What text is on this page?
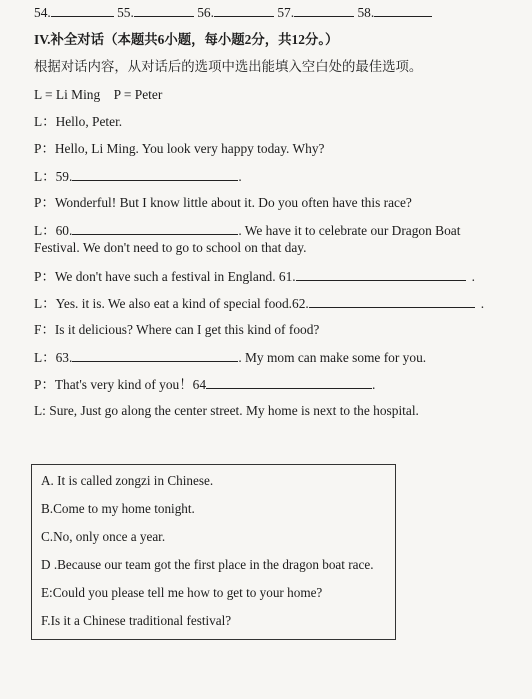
54.	55.	56.	57.	58.
IV.补全对话（本题共6小题，每小题2分，共12分。）
根据对话内容，从对话后的选项中选出能填入空白处的最佳选项。
L = Li Ming    P = Peter
L：Hello, Peter.
P：Hello, Li Ming. You look very happy today. Why?
L：59.	.
P：Wonderful! But I know little about it. Do you often have this race?
L：60.	. We have it to celebrate our Dragon Boat
Festival. We don't need to go to school on that day.
P：We don't have such a festival in England. 61.	.
L：Yes. it is. We also eat a kind of special food.62.	.
F：Is it delicious? Where can I get this kind of food?
L：63.	. My mom can make some for you.
P：That's very kind of you！64	.
L: Sure, Just go along the center street. My home is next to the hospital.
A. It is called zongzi in Chinese.
B.Come to my home tonight.
C.No, only once a year.
D .Because our team got the first place in the dragon boat race.
E:Could you please tell me how to get to your home?
F.Is it a Chinese traditional festival?
